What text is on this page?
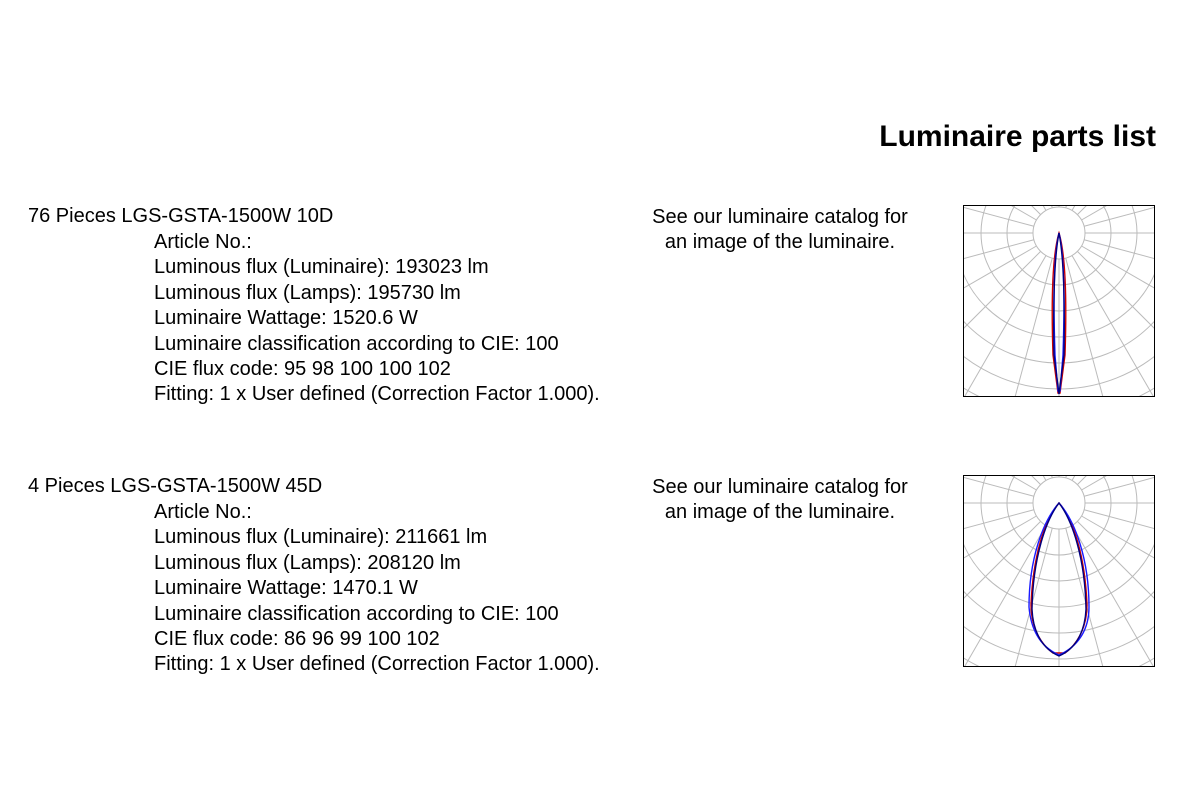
Luminaire parts list
76 Pieces LGS-GSTA-1500W 10D
Article No.:
Luminous flux (Luminaire): 193023 lm
Luminous flux (Lamps): 195730 lm
Luminaire Wattage: 1520.6 W
Luminaire classification according to CIE: 100
CIE flux code: 95 98 100 100 102
Fitting: 1 x User defined (Correction Factor 1.000).
See our luminaire catalog for an image of the luminaire.
4 Pieces LGS-GSTA-1500W 45D
Article No.:
Luminous flux (Luminaire): 211661 lm
Luminous flux (Lamps): 208120 lm
Luminaire Wattage: 1470.1 W
Luminaire classification according to CIE: 100
CIE flux code: 86 96 99 100 102
Fitting: 1 x User defined (Correction Factor 1.000).
See our luminaire catalog for an image of the luminaire.
